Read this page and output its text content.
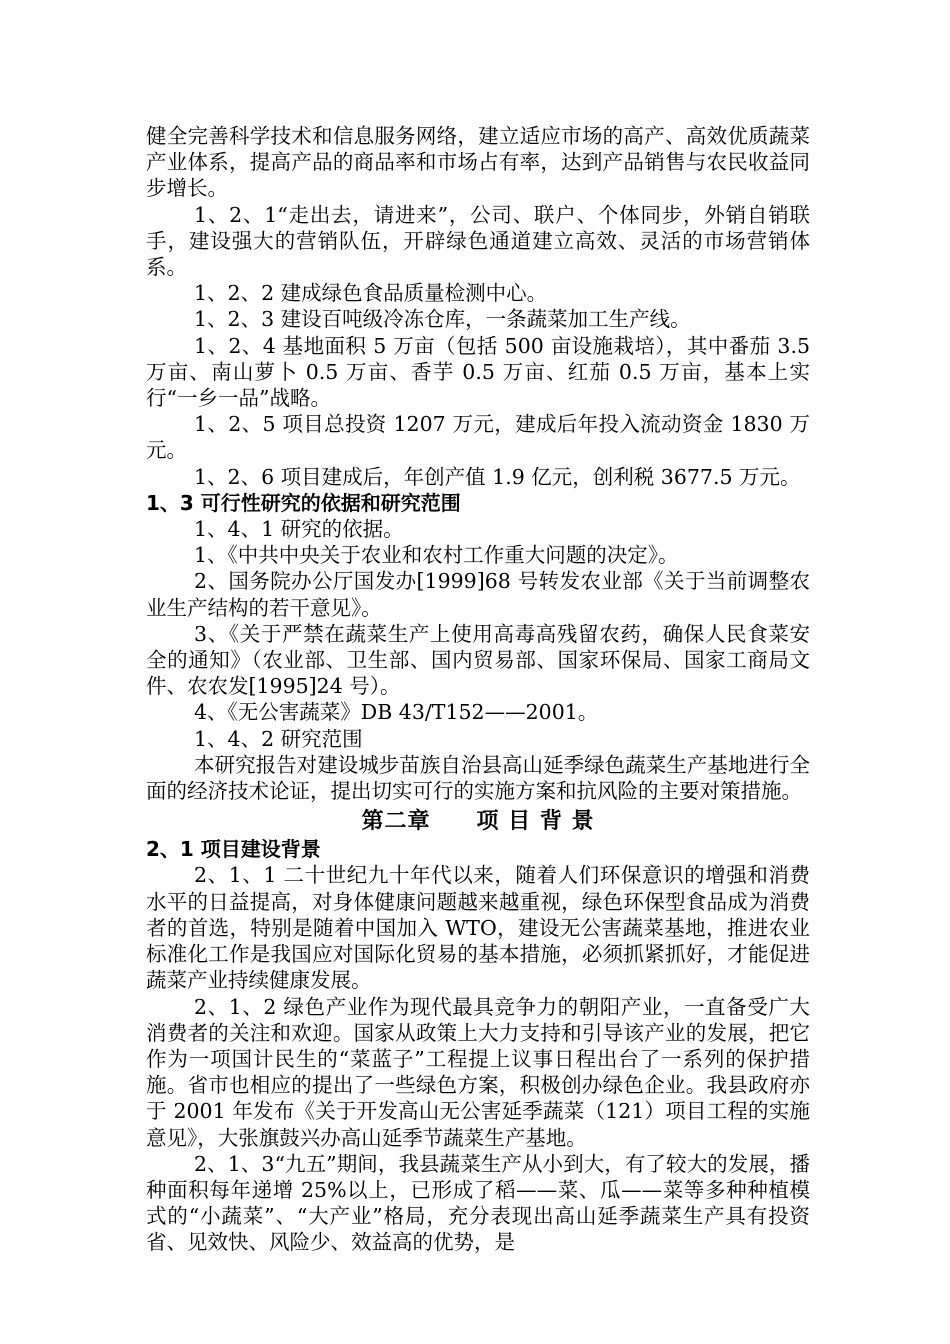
健全完善科学技术和信息服务网络，建立适应市场的高产、高效优质蔬菜产业体系，提高产品的商品率和市场占有率，达到产品销售与农民收益同步增长。

1、2、1“走出去，请进来”，公司、联户、个体同步，外销自销联手，建设强大的营销队伍，开辟绿色通道建立高效、灵活的市场营销体系。

1、2、2 建成绿色食品质量检测中心。

1、2、3 建设百吨级冷冻仓库，一条蔬菜加工生产线。

1、2、4 基地面积 5 万亩（包括 500 亩设施栽培），其中番茄 3.5 万亩、南山萝卜 0.5 万亩、香芋 0.5 万亩、红茄 0.5 万亩，基本上实行“一乡一品”战略。

1、2、5 项目总投资 1207 万元，建成后年投入流动资金 1830 万元。

1、2、6 项目建成后，年创产值 1.9 亿元，创利税 3677.5 万元。

1、3 可行性研究的依据和研究范围

1、4、1 研究的依据。

1、《中共中央关于农业和农村工作重大问题的决定》。

2、国务院办公厅国发办[1999]68 号转发农业部《关于当前调整农业生产结构的若干意见》。

3、《关于严禁在蔬菜生产上使用高毒高残留农药，确保人民食菜安全的通知》（农业部、卫生部、国内贸易部、国家环保局、国家工商局文件、农农发[1995]24 号）。

4、《无公害蔬菜》DB 43/T152——2001。

1、4、2 研究范围

本研究报告对建设城步苗族自治县高山延季绿色蔬菜生产基地进行全面的经济技术论证，提出切实可行的实施方案和抗风险的主要对策措施。

第二章　　项 目 背 景

2、1 项目建设背景

2、1、1 二十世纪九十年代以来，随着人们环保意识的增强和消费水平的日益提高，对身体健康问题越来越重视，绿色环保型食品成为消费者的首选，特别是随着中国加入 WTO，建设无公害蔬菜基地，推进农业标准化工作是我国应对国际化贸易的基本措施，必须抓紧抓好，才能促进蔬菜产业持续健康发展。

2、1、2 绿色产业作为现代最具竞争力的朝阳产业，一直备受广大消费者的关注和欢迎。国家从政策上大力支持和引导该产业的发展，把它作为一项国计民生的“菜蓝子”工程提上议事日程出台了一系列的保护措施。省市也相应的提出了一些绿色方案，积极创办绿色企业。我县政府亦于 2001 年发布《关于开发高山无公害延季蔬菜（121）项目工程的实施意见》，大张旗鼓兴办高山延季节蔬菜生产基地。

2、1、3“九五”期间，我县蔬菜生产从小到大，有了较大的发展，播种面积每年递增 25%以上，已形成了稻——菜、瓜——菜等多种种植模式的“小蔬菜”、“大产业”格局，充分表现出高山延季蔬菜生产具有投资省、见效快、风险少、效益高的优势，是
